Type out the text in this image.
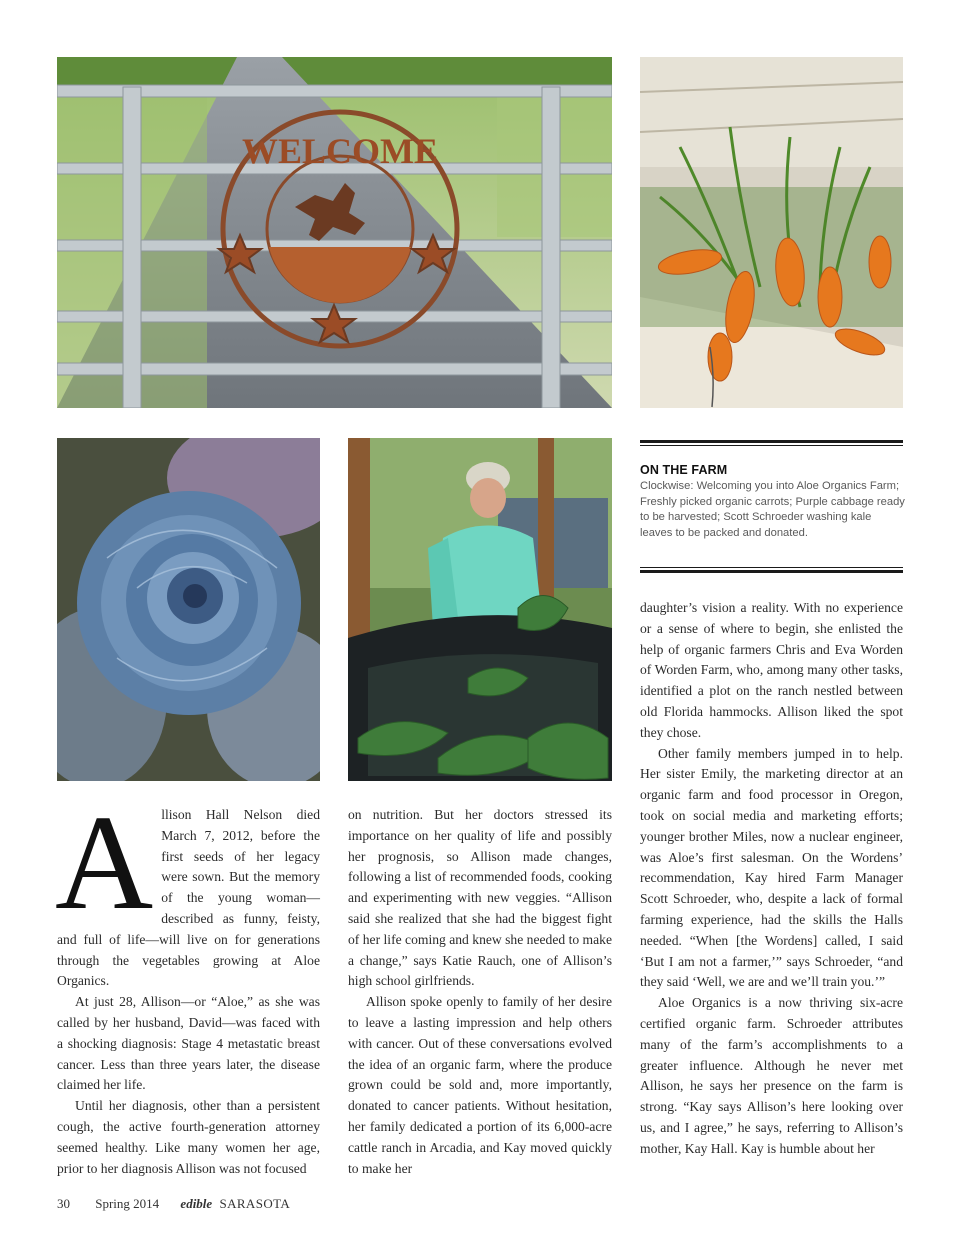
WELCOME
ON THE FARM
Clockwise: Welcoming you into Aloe Organics Farm; Freshly picked organic carrots; Purple cabbage ready to be harvested; Scott Schroeder washing kale leaves to be packed and donated.

Allison Hall Nelson died March 7, 2012, before the first seeds of her legacy were sown. But the memory of the young woman—described as funny, feisty, and full of life—will live on for generations through the vegetables growing at Aloe Organics.

At just 28, Allison—or “Aloe,” as she was called by her husband, David—was faced with a shocking diagnosis: Stage 4 metastatic breast cancer. Less than three years later, the disease claimed her life.

Until her diagnosis, other than a persistent cough, the active fourth-generation attorney seemed healthy. Like many women her age, prior to her diagnosis Allison was not focused

on nutrition. But her doctors stressed its importance on her quality of life and possibly her prognosis, so Allison made changes, following a list of recommended foods, cooking and experimenting with new veggies. “Allison said she realized that she had the biggest fight of her life coming and knew she needed to make a change,” says Katie Rauch, one of Allison’s high school girlfriends.

Allison spoke openly to family of her desire to leave a lasting impression and help others with cancer. Out of these conversations evolved the idea of an organic farm, where the produce grown could be sold and, more importantly, donated to cancer patients. Without hesitation, her family dedicated a portion of its 6,000-acre cattle ranch in Arcadia, and Kay moved quickly to make her

daughter’s vision a reality. With no experience or a sense of where to begin, she enlisted the help of organic farmers Chris and Eva Worden of Worden Farm, who, among many other tasks, identified a plot on the ranch nestled between old Florida hammocks. Allison liked the spot they chose.

Other family members jumped in to help. Her sister Emily, the marketing director at an organic farm and food processor in Oregon, took on social media and marketing efforts; younger brother Miles, now a nuclear engineer, was Aloe’s first salesman. On the Wordens’ recommendation, Kay hired Farm Manager Scott Schroeder, who, despite a lack of formal farming experience, had the skills the Halls needed. “When [the Wordens] called, I said ‘But I am not a farmer,’” says Schroeder, “and they said ‘Well, we are and we’ll train you.’”

Aloe Organics is a now thriving six-acre certified organic farm. Schroeder attributes many of the farm’s accomplishments to a greater influence. Although he never met Allison, he says her presence on the farm is strong. “Kay says Allison’s here looking over us, and I agree,” he says, referring to Allison’s mother, Kay Hall. Kay is humble about her

30 Spring 2014 edible SARASOTA
